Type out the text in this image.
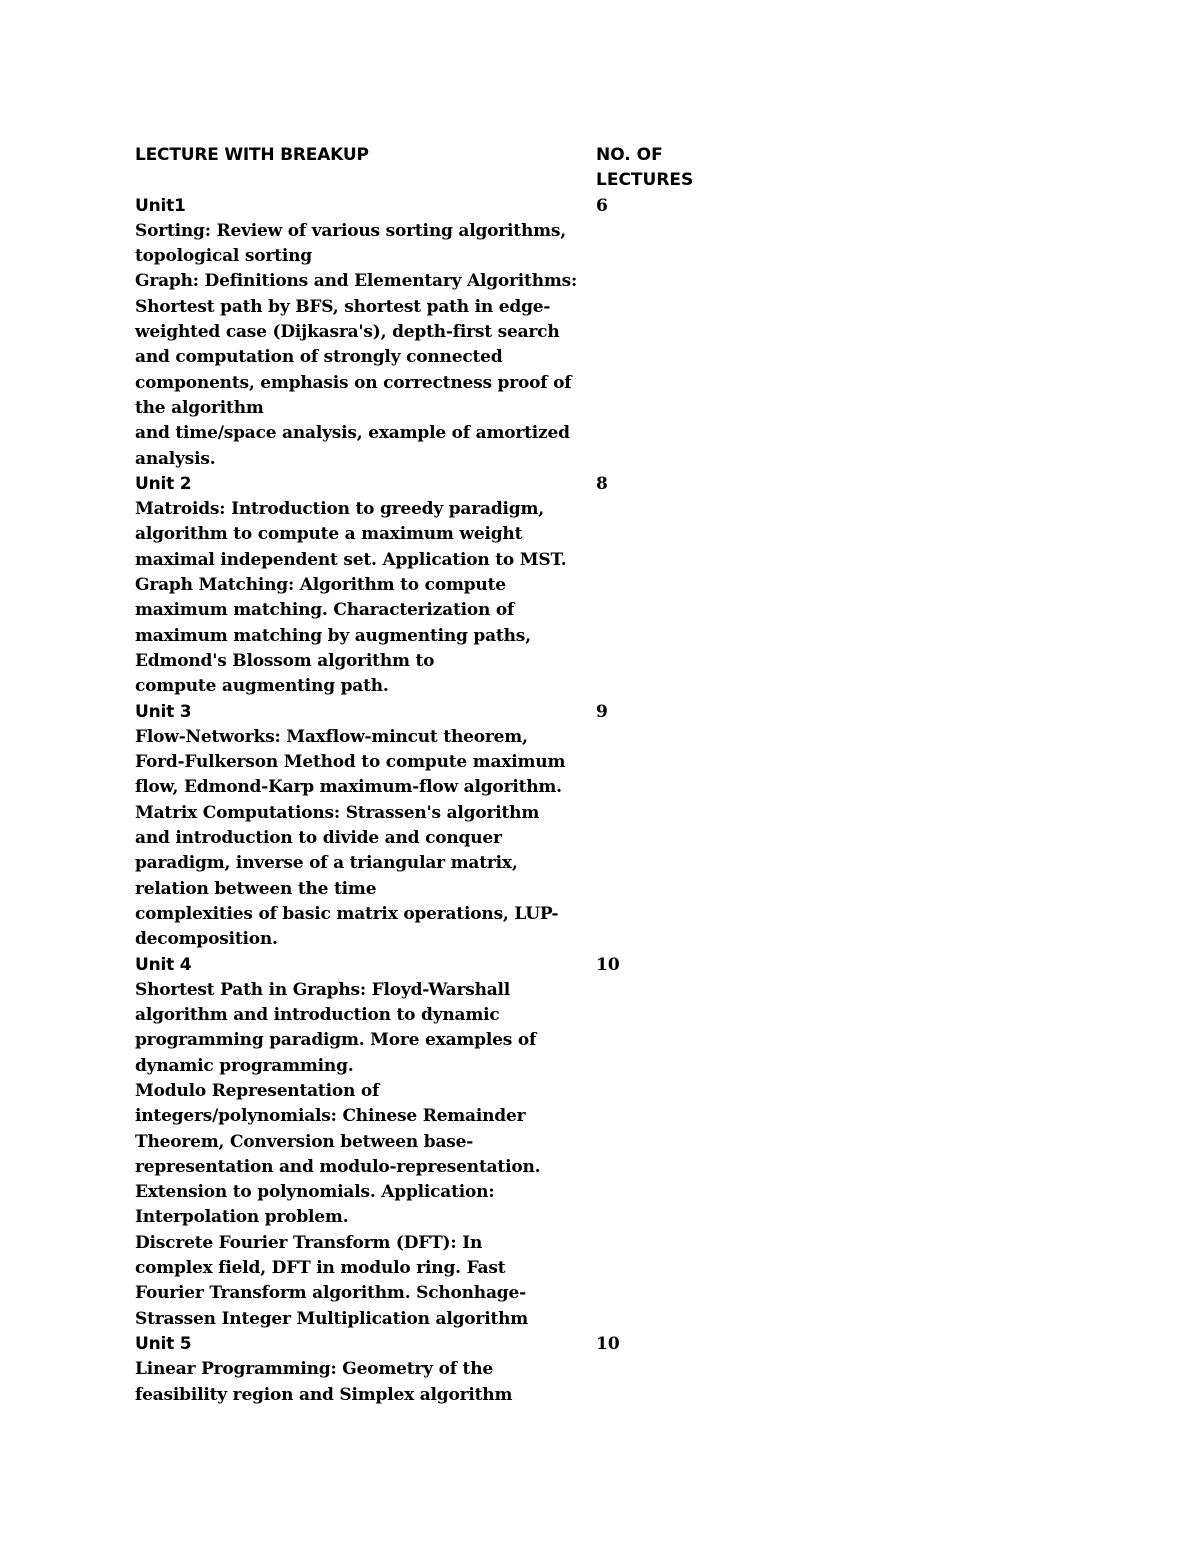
LECTURE WITH BREAKUP
Unit1
Sorting: Review of various sorting algorithms,
topological sorting
Graph: Definitions and Elementary Algorithms:
Shortest path by BFS, shortest path in edge-
weighted case (Dijkasra's), depth-first search
and computation of strongly connected
components, emphasis on correctness proof of
the algorithm
and time/space analysis, example of amortized
analysis.
Unit 2
Matroids: Introduction to greedy paradigm,
algorithm to compute a maximum weight
maximal independent set. Application to MST.
Graph Matching: Algorithm to compute
maximum matching. Characterization of
maximum matching by augmenting paths,
Edmond's Blossom algorithm to
compute augmenting path.
Unit 3
Flow-Networks: Maxflow-mincut theorem,
Ford-Fulkerson Method to compute maximum
flow, Edmond-Karp maximum-flow algorithm.
Matrix Computations: Strassen's algorithm
and introduction to divide and conquer
paradigm, inverse of a triangular matrix,
relation between the time
complexities of basic matrix operations, LUP-
decomposition.
Unit 4
Shortest Path in Graphs: Floyd-Warshall
algorithm and introduction to dynamic
programming paradigm. More examples of
dynamic programming.
Modulo Representation of
integers/polynomials: Chinese Remainder
Theorem, Conversion between base-
representation and modulo-representation.
Extension to polynomials. Application:
Interpolation problem.
Discrete Fourier Transform (DFT): In
complex field, DFT in modulo ring. Fast
Fourier Transform algorithm. Schonhage-
Strassen Integer Multiplication algorithm
Unit 5
Linear Programming: Geometry of the
feasibility region and Simplex algorithm
NO. OF
LECTURES
6
8
9
10
10
